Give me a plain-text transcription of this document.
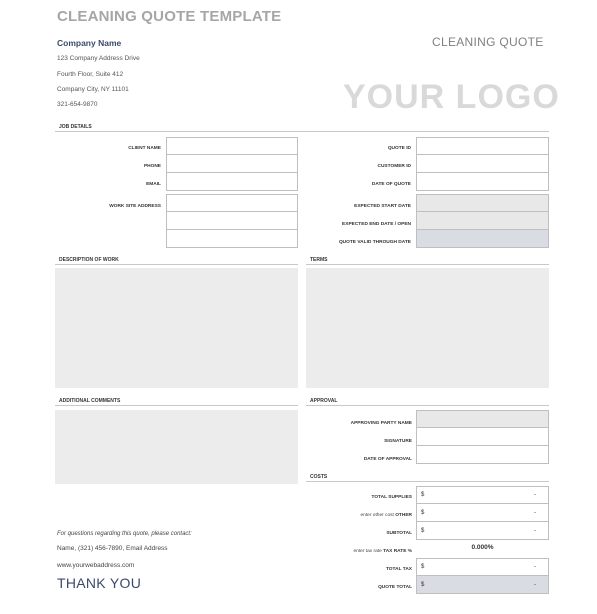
CLEANING QUOTE TEMPLATE
Company Name
123 Company Address Drive
Fourth Floor, Suite 412
Company City, NY 11101
321-654-9870
CLEANING QUOTE
YOUR LOGO
JOB DETAILS
CLIENT NAME
PHONE
EMAIL
WORK SITE ADDRESS
QUOTE ID
CUSTOMER ID
DATE OF QUOTE
EXPECTED START DATE
EXPECTED END DATE / OPEN
QUOTE VALID THROUGH DATE
DESCRIPTION OF WORK	TERMS
ADDITIONAL COMMENTS	APPROVAL
APPROVING PARTY NAME
SIGNATURE
DATE OF APPROVAL
COSTS
TOTAL SUPPLIES $	-
enter other cost OTHER $	-
SUBTOTAL $	-
enter tax rate TAX RATE %
0.000%
TOTAL TAX $	-
QUOTE TOTAL $	-
For questions regarding this quote, please contact:
Name, (321) 456-7890, Email Address
www.yourwebaddress.com
THANK YOU
